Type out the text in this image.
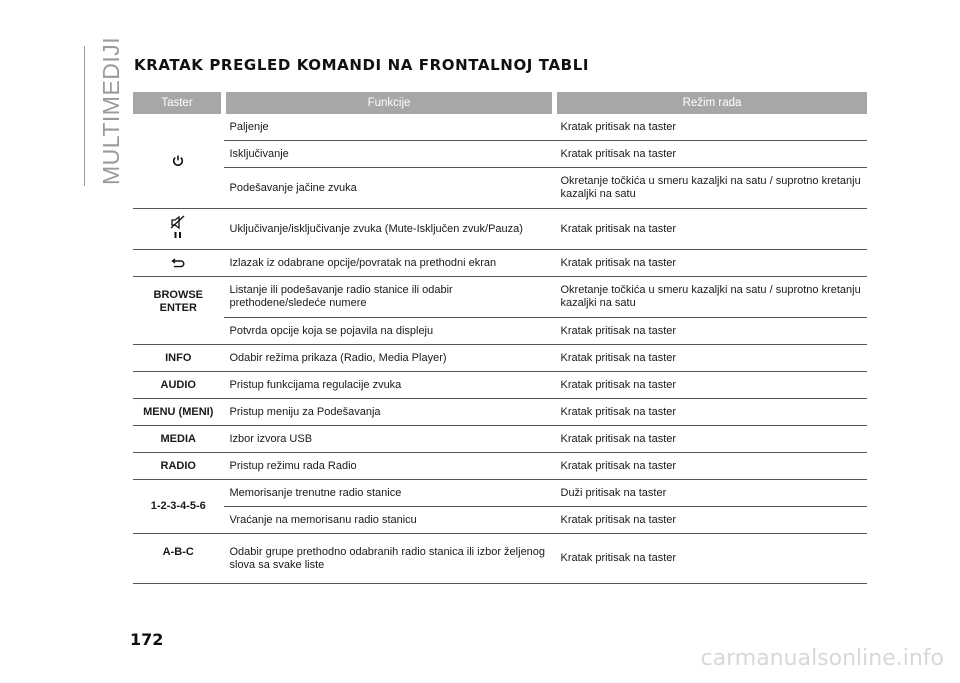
MULTIMEDIJI KRATAK PREGLED KOMANDI NA FRONTALNOJ TABLI
Taster	Funkcije	Režim rada

	Paljenje	Kratak pritisak na taster
	Isključivanje	Kratak pritisak na taster
	Podešavanje jačine zvuka	Okretanje točkića u smeru kazaljki na satu / suprotno kretanju kazaljki na satu

	Uključivanje/isključivanje zvuka (Mute-Isključen zvuk/Pauza)	Kratak pritisak na taster

	Izlazak iz odabrane opcije/povratak na prethodni ekran	Kratak pritisak na taster
BROWSE ENTER	Listanje ili podešavanje radio stanice ili odabir prethodene/sledeće numere	Okretanje točkića u smeru kazaljki na satu / suprotno kretanju kazaljki na satu
	Potvrda opcije koja se pojavila na displeju	Kratak pritisak na taster
INFO	Odabir režima prikaza (Radio, Media Player)	Kratak pritisak na taster
AUDIO	Pristup funkcijama regulacije zvuka	Kratak pritisak na taster
MENU (MENI)	Pristup meniju za Podešavanja	Kratak pritisak na taster
MEDIA	Izbor izvora USB	Kratak pritisak na taster
RADIO	Pristup režimu rada Radio	Kratak pritisak na taster
1-2-3-4-5-6	Memorisanje trenutne radio stanice	Duži pritisak na taster
	Vraćanje na memorisanu radio stanicu	Kratak pritisak na taster
A-B-C	Odabir grupe prethodno odabranih radio stanica ili izbor željenog slova sa svake liste	Kratak pritisak na taster
172
carmanualsonline.info
